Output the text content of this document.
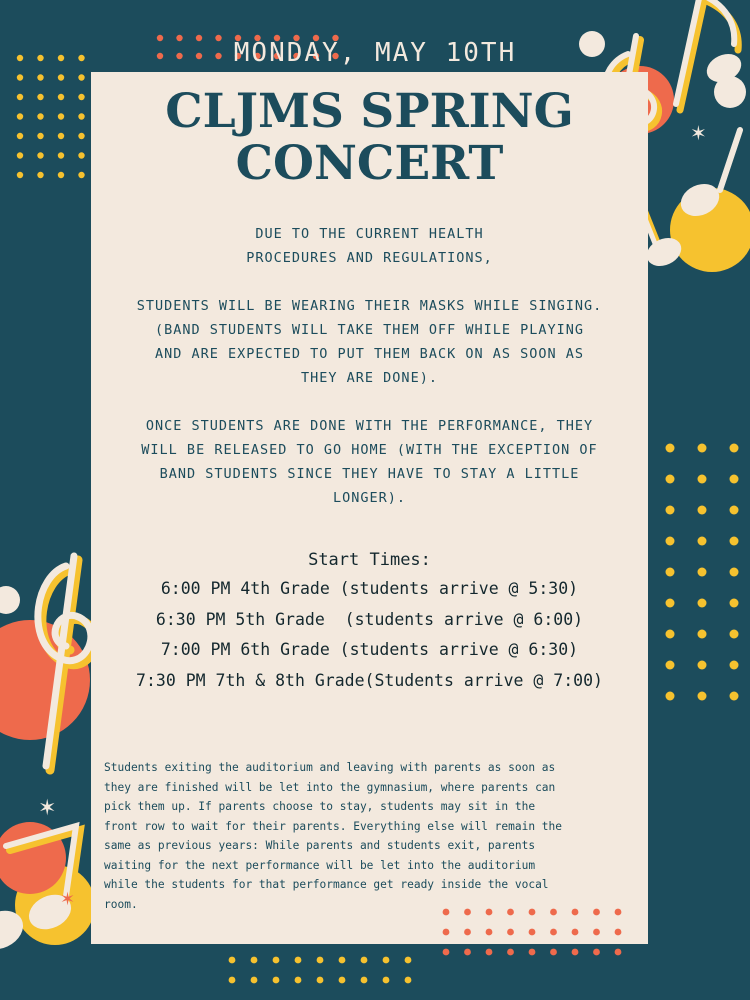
✶
✶
✶
MONDAY, MAY 10TH
CLJMS SPRING
CONCERT

DUE TO THE CURRENT HEALTH
PROCEDURES AND REGULATIONS,

STUDENTS WILL BE WEARING THEIR MASKS WHILE SINGING.
(BAND STUDENTS WILL TAKE THEM OFF WHILE PLAYING
AND ARE EXPECTED TO PUT THEM BACK ON AS SOON AS
THEY ARE DONE).

ONCE STUDENTS ARE DONE WITH THE PERFORMANCE, THEY
WILL BE RELEASED TO GO HOME (WITH THE EXCEPTION OF
BAND STUDENTS SINCE THEY HAVE TO STAY A LITTLE
LONGER).

Start Times:
6:00 PM 4th Grade (students arrive @ 5:30)
6:30 PM 5th Grade  (students arrive @ 6:00)
7:00 PM 6th Grade (students arrive @ 6:30)
7:30 PM 7th & 8th Grade(Students arrive @ 7:00)

Students exiting the auditorium and leaving with parents as soon as
they are finished will be let into the gymnasium, where parents can
pick them up. If parents choose to stay, students may sit in the
front row to wait for their parents. Everything else will remain the
same as previous years: While parents and students exit, parents
waiting for the next performance will be let into the auditorium
while the students for that performance get ready inside the vocal
room.
